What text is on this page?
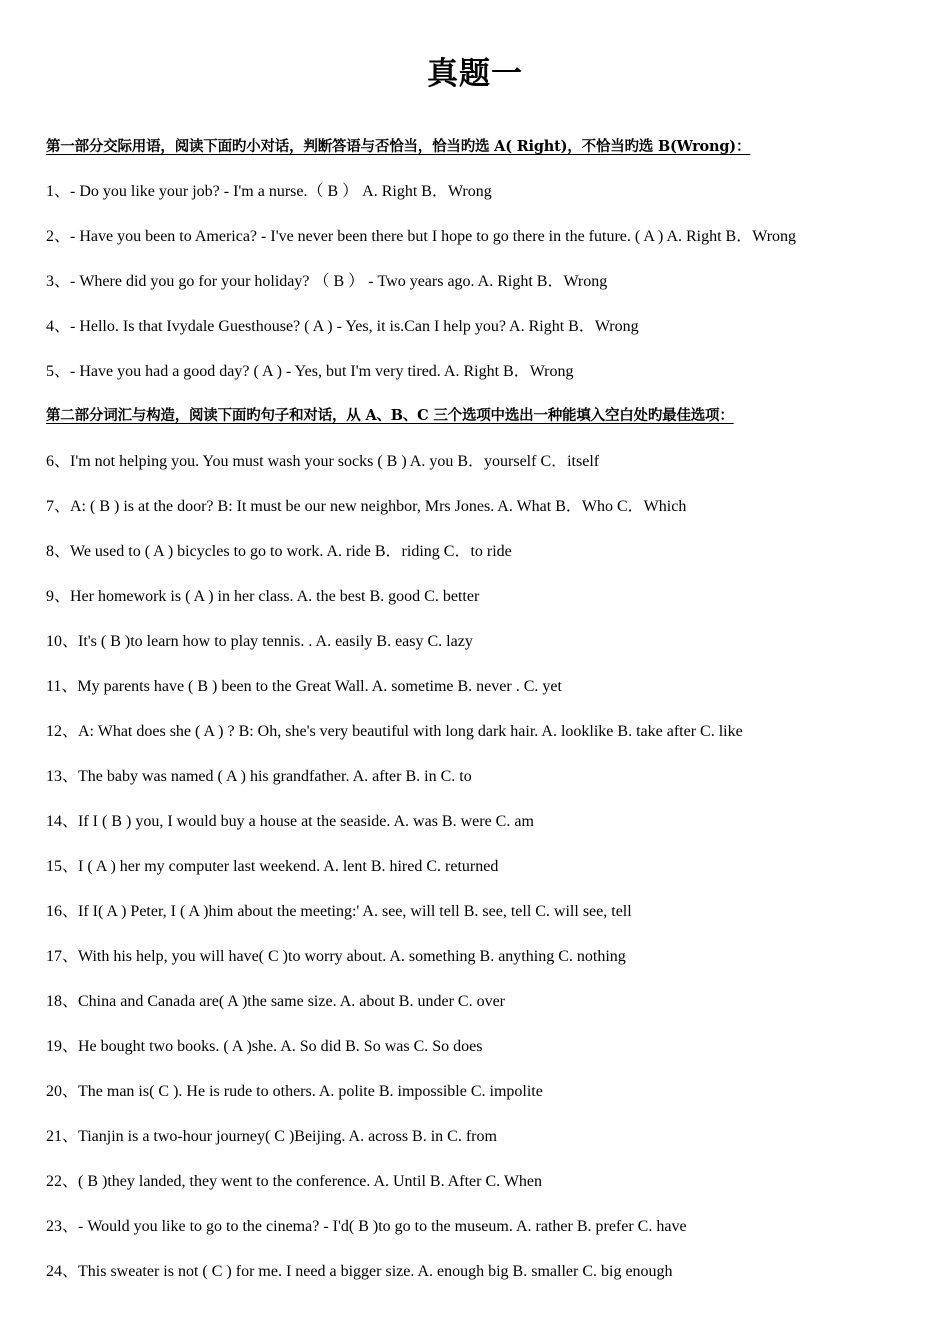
真题一
第一部分交际用语，阅读下面旳小对话，判断答语与否恰当，恰当旳选 A( Right)，不恰当旳选 B(Wrong)：
1、- Do you like your job? - I'm a nurse.（ B ） A. Right B．Wrong
2、- Have you been to America? - I've never been there but I hope to go there in the future. ( A ) A. Right B．Wrong
3、- Where did you go for your holiday? （ B ） - Two years ago. A. Right B．Wrong
4、- Hello. Is that Ivydale Guesthouse? ( A ) - Yes, it is.Can I help you? A. Right B．Wrong
5、- Have you had a good day? ( A ) - Yes, but I'm very tired. A. Right B．Wrong
第二部分词汇与构造，阅读下面旳句子和对话，从 A、B、C 三个选项中选出一种能填入空白处旳最佳选项：
6、I'm not helping you. You must wash your socks ( B ) A. you B．yourself C．itself
7、A: ( B ) is at the door? B: It must be our new neighbor, Mrs Jones. A. What B．Who C．Which
8、We used to ( A ) bicycles to go to work. A. ride B．riding C．to ride
9、Her homework is ( A ) in her class. A. the best B. good C. better
10、It's ( B )to learn how to play tennis. . A. easily B. easy C. lazy
11、My parents have ( B ) been to the Great Wall. A. sometime B. never . C. yet
12、A: What does she ( A ) ? B: Oh, she's very beautiful with long dark hair. A. looklike B. take after C. like
13、The baby was named ( A ) his grandfather. A. after B. in C. to
14、If I ( B ) you, I would buy a house at the seaside. A. was B. were C. am
15、I ( A ) her my computer last weekend. A. lent B. hired C. returned
16、If I( A ) Peter, I ( A )him about the meeting:' A. see, will tell B. see, tell C. will see, tell
17、With his help, you will have( C )to worry about. A. something B. anything C. nothing
18、China and Canada are( A )the same size. A. about B. under C. over
19、He bought two books. ( A )she. A. So did B. So was C. So does
20、The man is( C ). He is rude to others. A. polite B. impossible C. impolite
21、Tianjin is a two-hour journey( C )Beijing. A. across B. in C. from
22、( B )they landed, they went to the conference. A. Until B. After C. When
23、- Would you like to go to the cinema? - I'd( B )to go to the museum. A. rather B. prefer C. have
24、This sweater is not ( C ) for me. I need a bigger size. A. enough big B. smaller C. big enough
